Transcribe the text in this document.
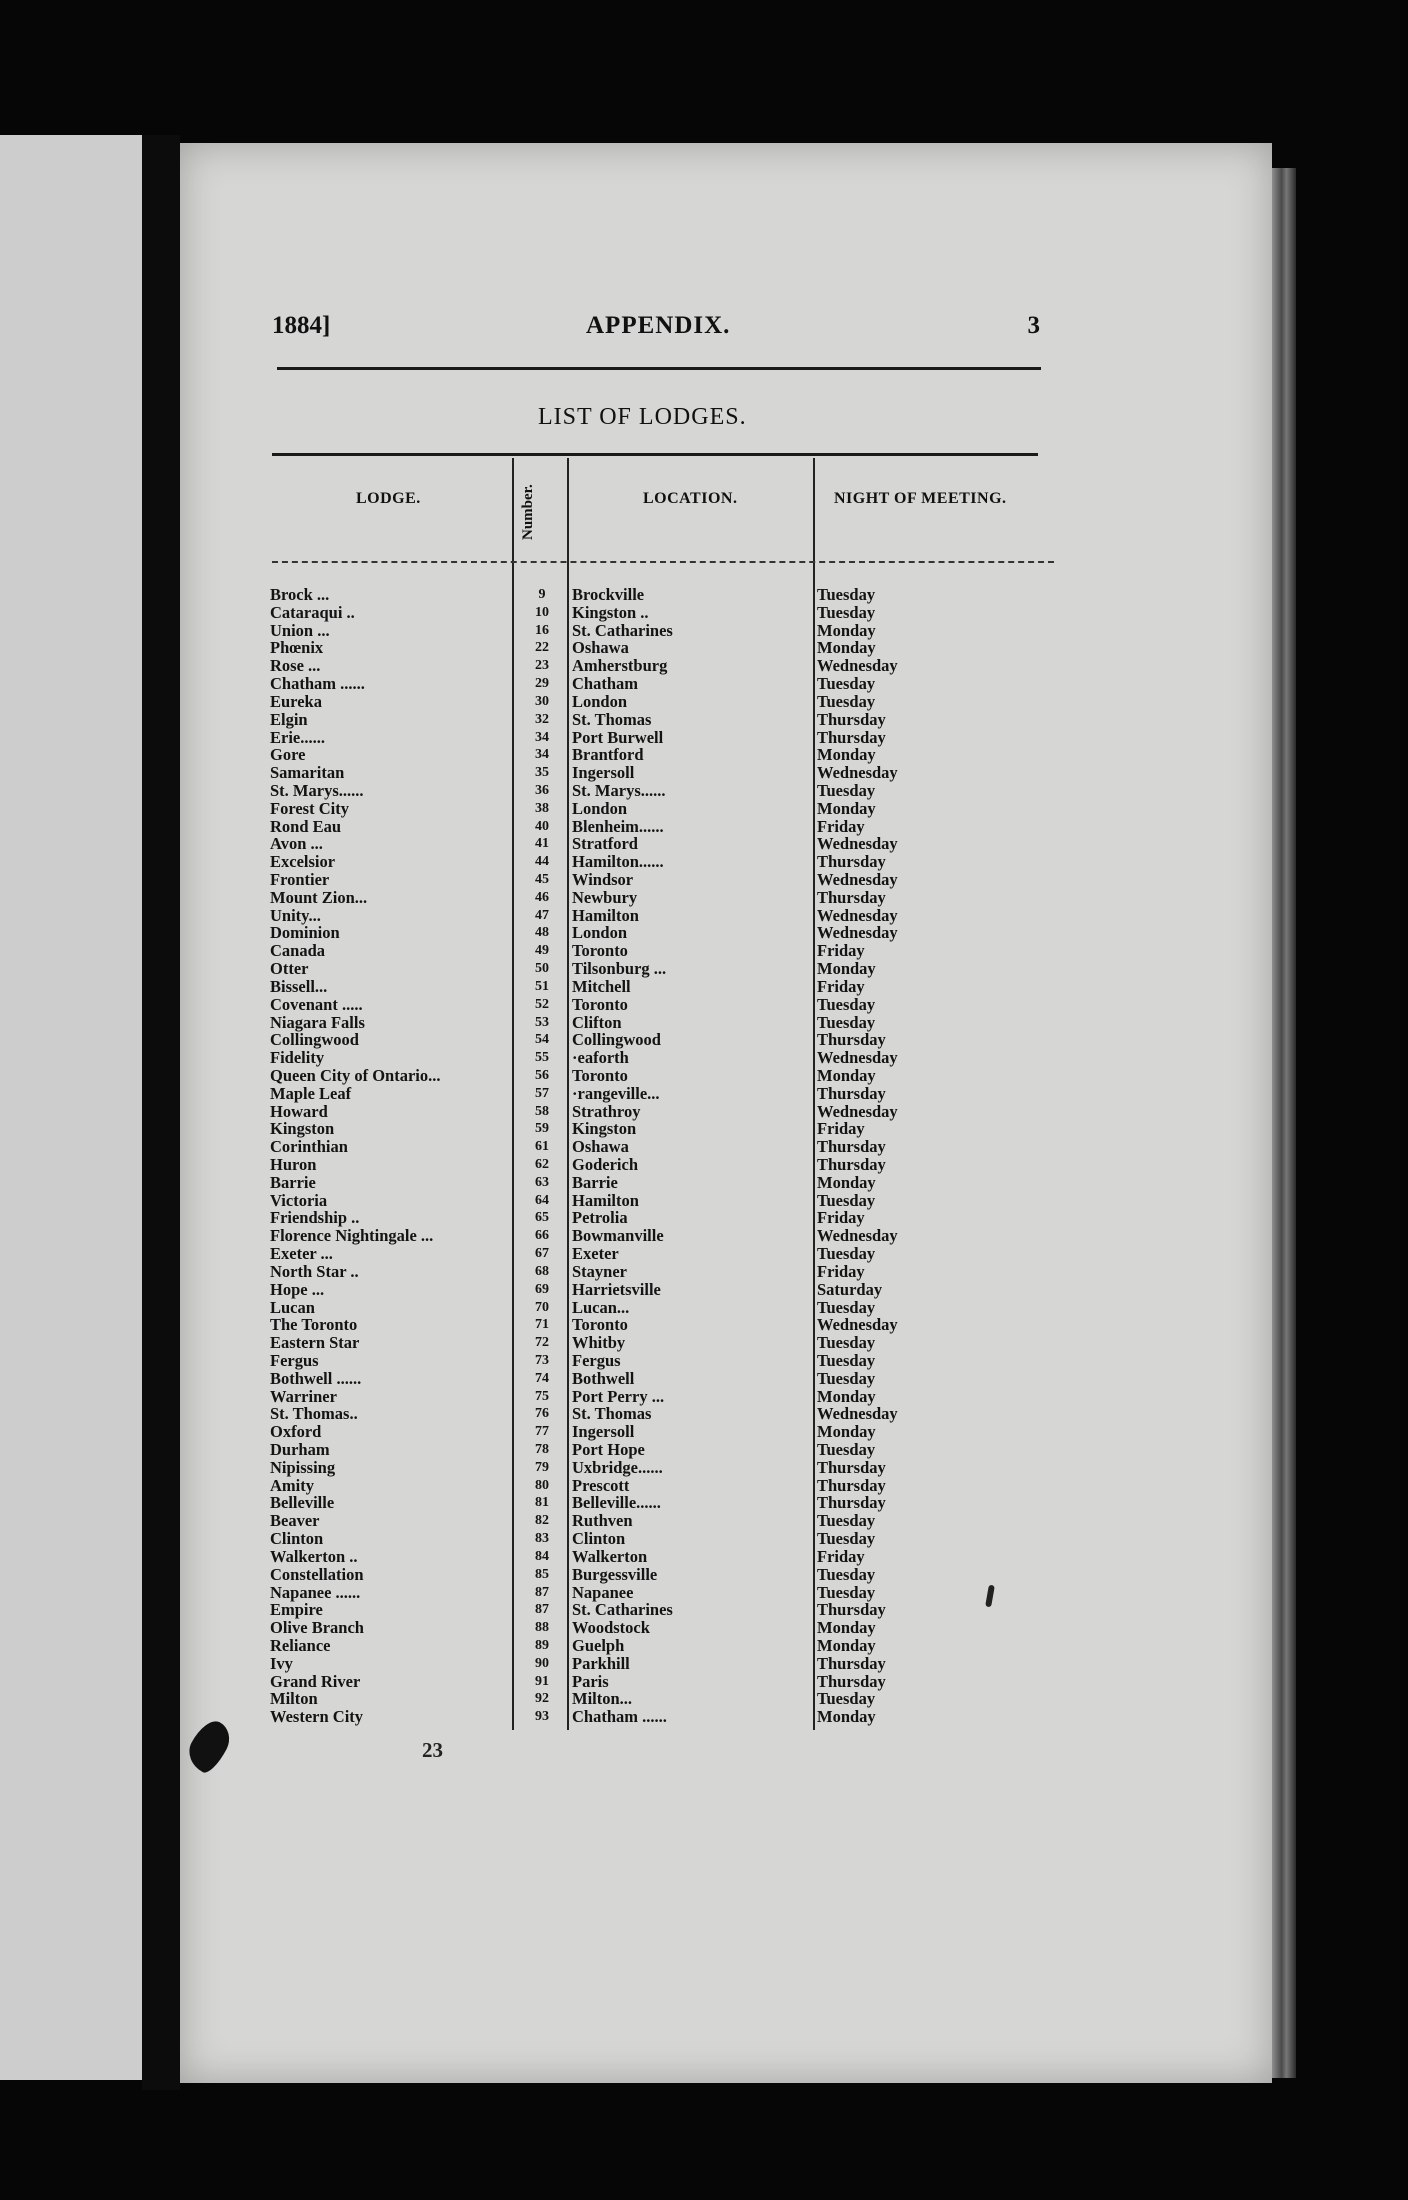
1884]	APPENDIX.	3
LIST OF LODGES.
LODGE.	Number.	LOCATION.	NIGHT OF MEETING.
Brock ...	9	Brockville	Tuesday
Cataraqui ..	10	Kingston ..	Tuesday
Union ...	16	St. Catharines	Monday
Phœnix	22	Oshawa	Monday
Rose ...	23	Amherstburg	Wednesday
Chatham ......	29	Chatham	Tuesday
Eureka	30	London	Tuesday
Elgin	32	St. Thomas	Thursday
Erie......	34	Port Burwell	Thursday
Gore	34	Brantford	Monday
Samaritan	35	Ingersoll	Wednesday
St. Marys......	36	St. Marys......	Tuesday
Forest City	38	London	Monday
Rond Eau	40	Blenheim......	Friday
Avon ...	41	Stratford	Wednesday
Excelsior	44	Hamilton......	Thursday
Frontier	45	Windsor	Wednesday
Mount Zion...	46	Newbury	Thursday
Unity...	47	Hamilton	Wednesday
Dominion	48	London	Wednesday
Canada	49	Toronto	Friday
Otter	50	Tilsonburg ...	Monday
Bissell...	51	Mitchell	Friday
Covenant .....	52	Toronto	Tuesday
Niagara Falls	53	Clifton	Tuesday
Collingwood	54	Collingwood	Thursday
Fidelity	55	·eaforth	Wednesday
Queen City of Ontario...	56	Toronto	Monday
Maple Leaf	57	·rangeville...	Thursday
Howard	58	Strathroy	Wednesday
Kingston	59	Kingston	Friday
Corinthian	61	Oshawa	Thursday
Huron	62	Goderich	Thursday
Barrie	63	Barrie	Monday
Victoria	64	Hamilton	Tuesday
Friendship ..	65	Petrolia	Friday
Florence Nightingale ...	66	Bowmanville	Wednesday
Exeter ...	67	Exeter	Tuesday
North Star ..	68	Stayner	Friday
Hope ...	69	Harrietsville	Saturday
Lucan	70	Lucan...	Tuesday
The Toronto	71	Toronto	Wednesday
Eastern Star	72	Whitby	Tuesday
Fergus	73	Fergus	Tuesday
Bothwell ......	74	Bothwell	Tuesday
Warriner	75	Port Perry ...	Monday
St. Thomas..	76	St. Thomas	Wednesday
Oxford	77	Ingersoll	Monday
Durham	78	Port Hope	Tuesday
Nipissing	79	Uxbridge......	Thursday
Amity	80	Prescott	Thursday
Belleville	81	Belleville......	Thursday
Beaver	82	Ruthven	Tuesday
Clinton	83	Clinton	Tuesday
Walkerton ..	84	Walkerton	Friday
Constellation	85	Burgessville	Tuesday
Napanee ......	87	Napanee	Tuesday
Empire	87	St. Catharines	Thursday
Olive Branch	88	Woodstock	Monday
Reliance	89	Guelph	Monday
Ivy	90	Parkhill	Thursday
Grand River	91	Paris	Thursday
Milton	92	Milton...	Tuesday
Western City	93	Chatham ......	Monday
23
